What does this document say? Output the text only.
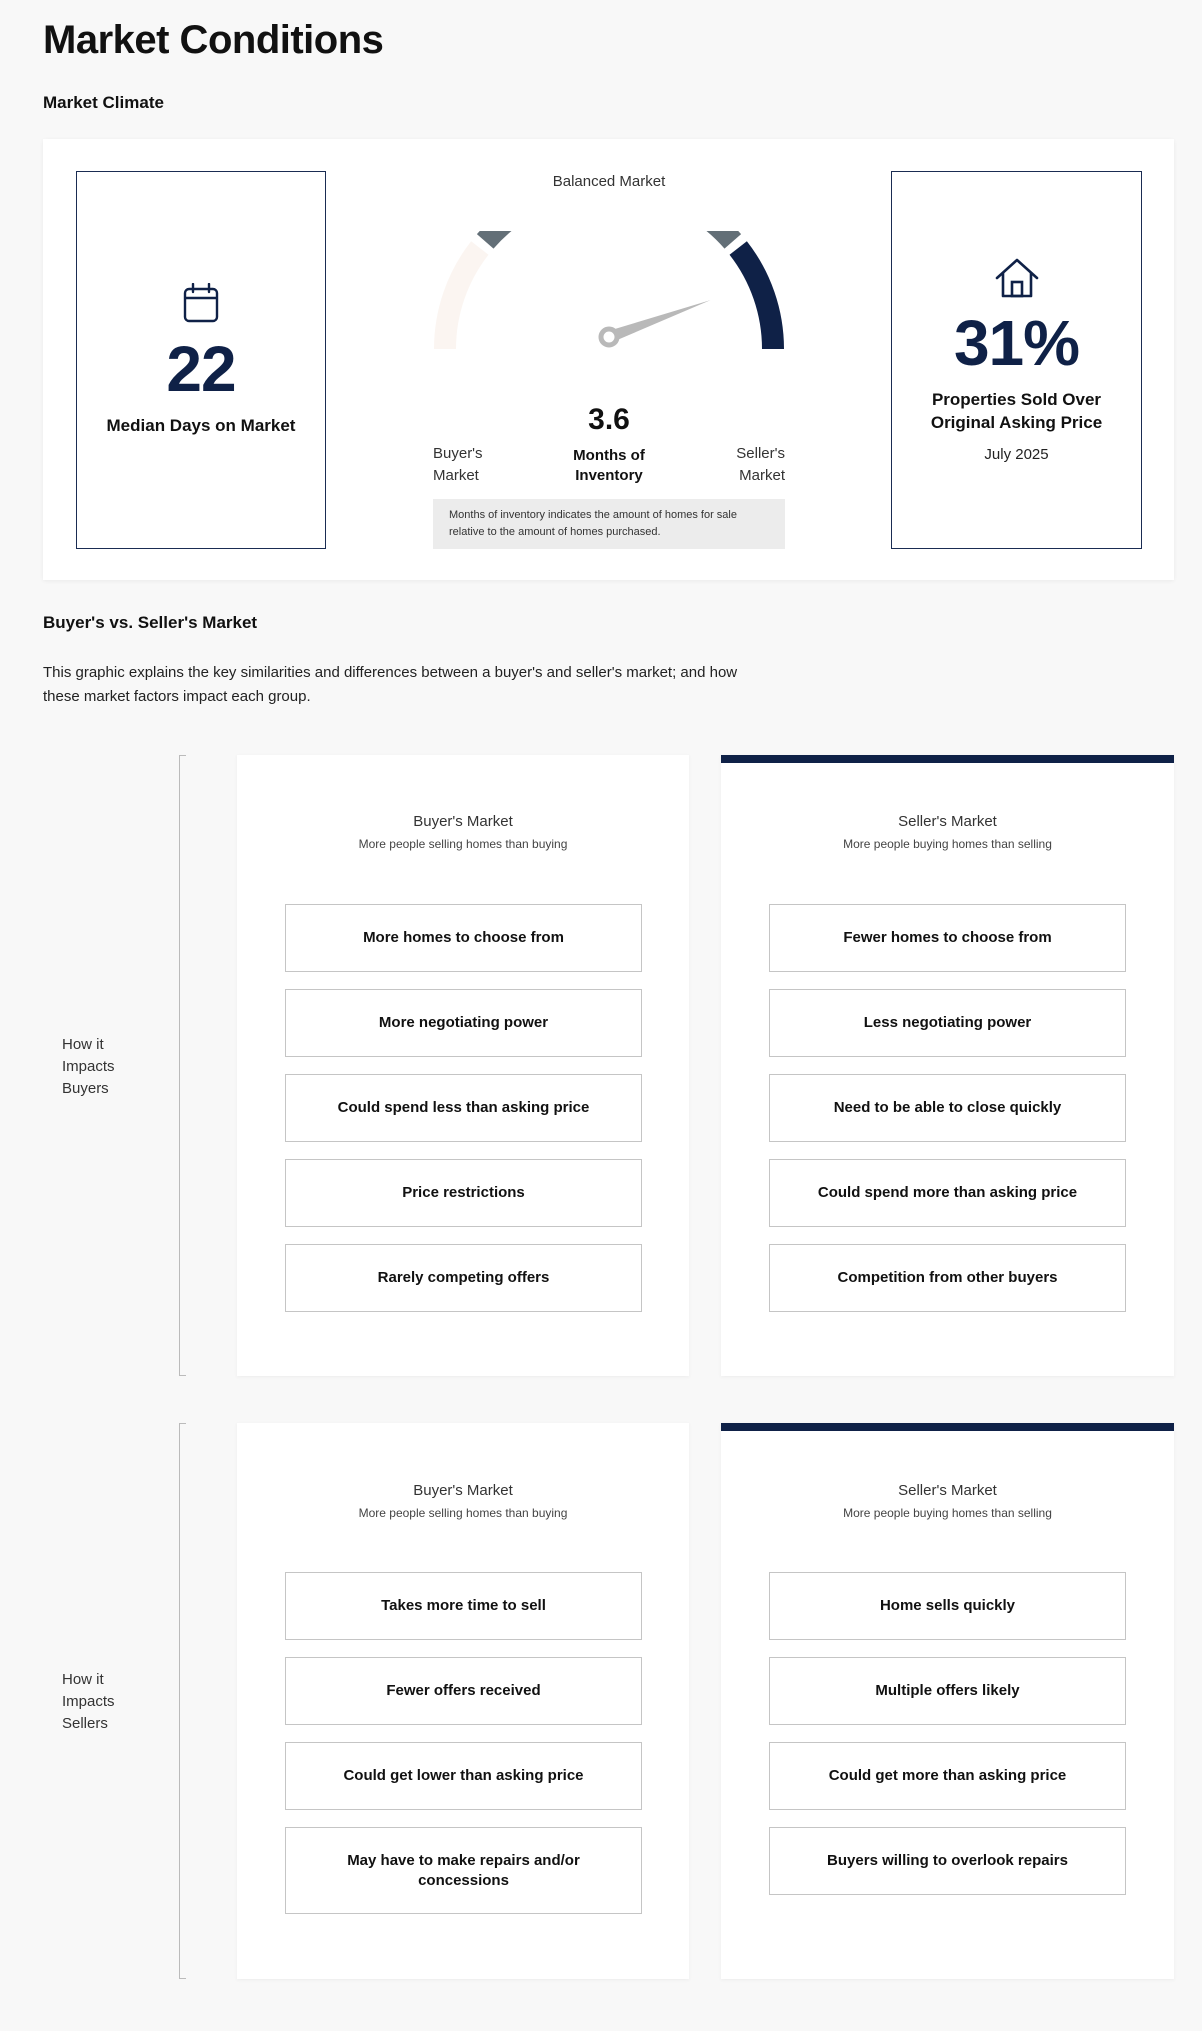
Market Conditions
Market Climate
22
Median Days on Market
Balanced Market
3.6
Months of
Inventory
Buyer's
Market
Seller's
Market
Months of inventory indicates the amount of homes for sale
relative to the amount of homes purchased.
31%
Properties Sold Over
Original Asking Price
July 2025
Buyer's vs. Seller's Market
This graphic explains the key similarities and differences between a buyer's and seller's market; and how
these market factors impact each group.
How it
Impacts
Buyers
Buyer's Market
More people selling homes than buying
More homes to choose from
More negotiating power
Could spend less than asking price
Price restrictions
Rarely competing offers
Seller's Market
More people buying homes than selling
Fewer homes to choose from
Less negotiating power
Need to be able to close quickly
Could spend more than asking price
Competition from other buyers
How it
Impacts
Sellers
Buyer's Market
More people selling homes than buying
Takes more time to sell
Fewer offers received
Could get lower than asking price
May have to make repairs and/or concessions
Seller's Market
More people buying homes than selling
Home sells quickly
Multiple offers likely
Could get more than asking price
Buyers willing to overlook repairs
